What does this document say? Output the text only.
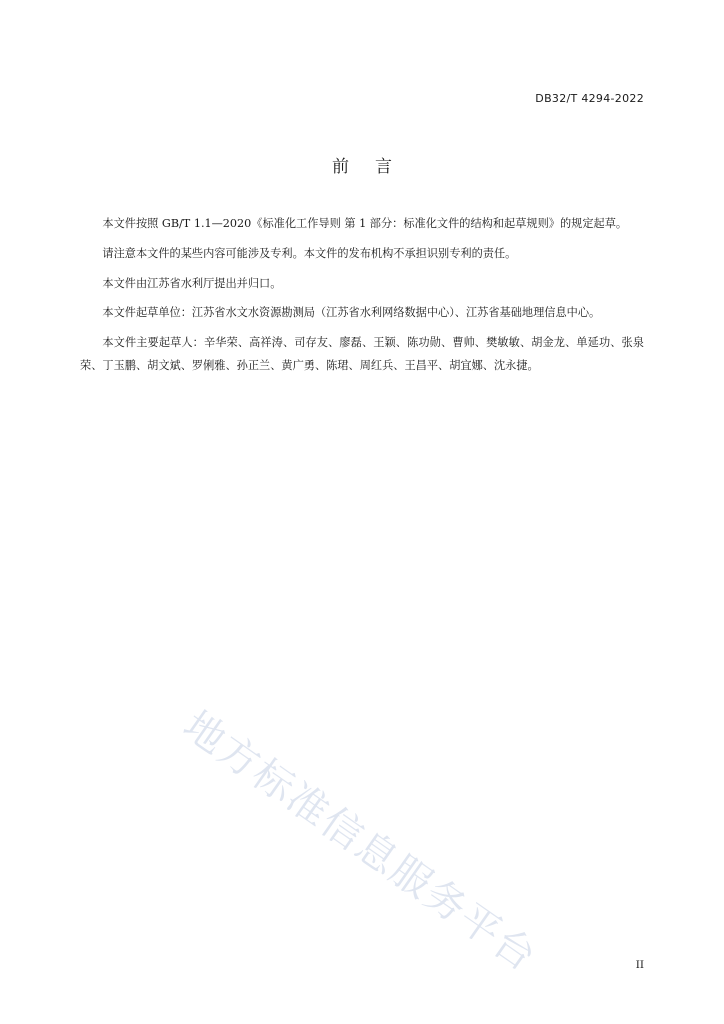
DB32/T 4294-2022
前言

本文件按照 GB/T 1.1—2020《标准化工作导则 第 1 部分：标准化文件的结构和起草规则》的规定起草。

请注意本文件的某些内容可能涉及专利。本文件的发布机构不承担识别专利的责任。

本文件由江苏省水利厅提出并归口。

本文件起草单位：江苏省水文水资源勘测局（江苏省水利网络数据中心）、江苏省基础地理信息中心。

本文件主要起草人：辛华荣、高祥涛、司存友、廖磊、王颖、陈功勋、曹帅、樊敏敏、胡金龙、单延功、张泉荣、丁玉鹏、胡文斌、罗俐雅、孙正兰、黄广勇、陈珺、周红兵、王昌平、胡宜娜、沈永捷。

地方标准信息服务平台	II
